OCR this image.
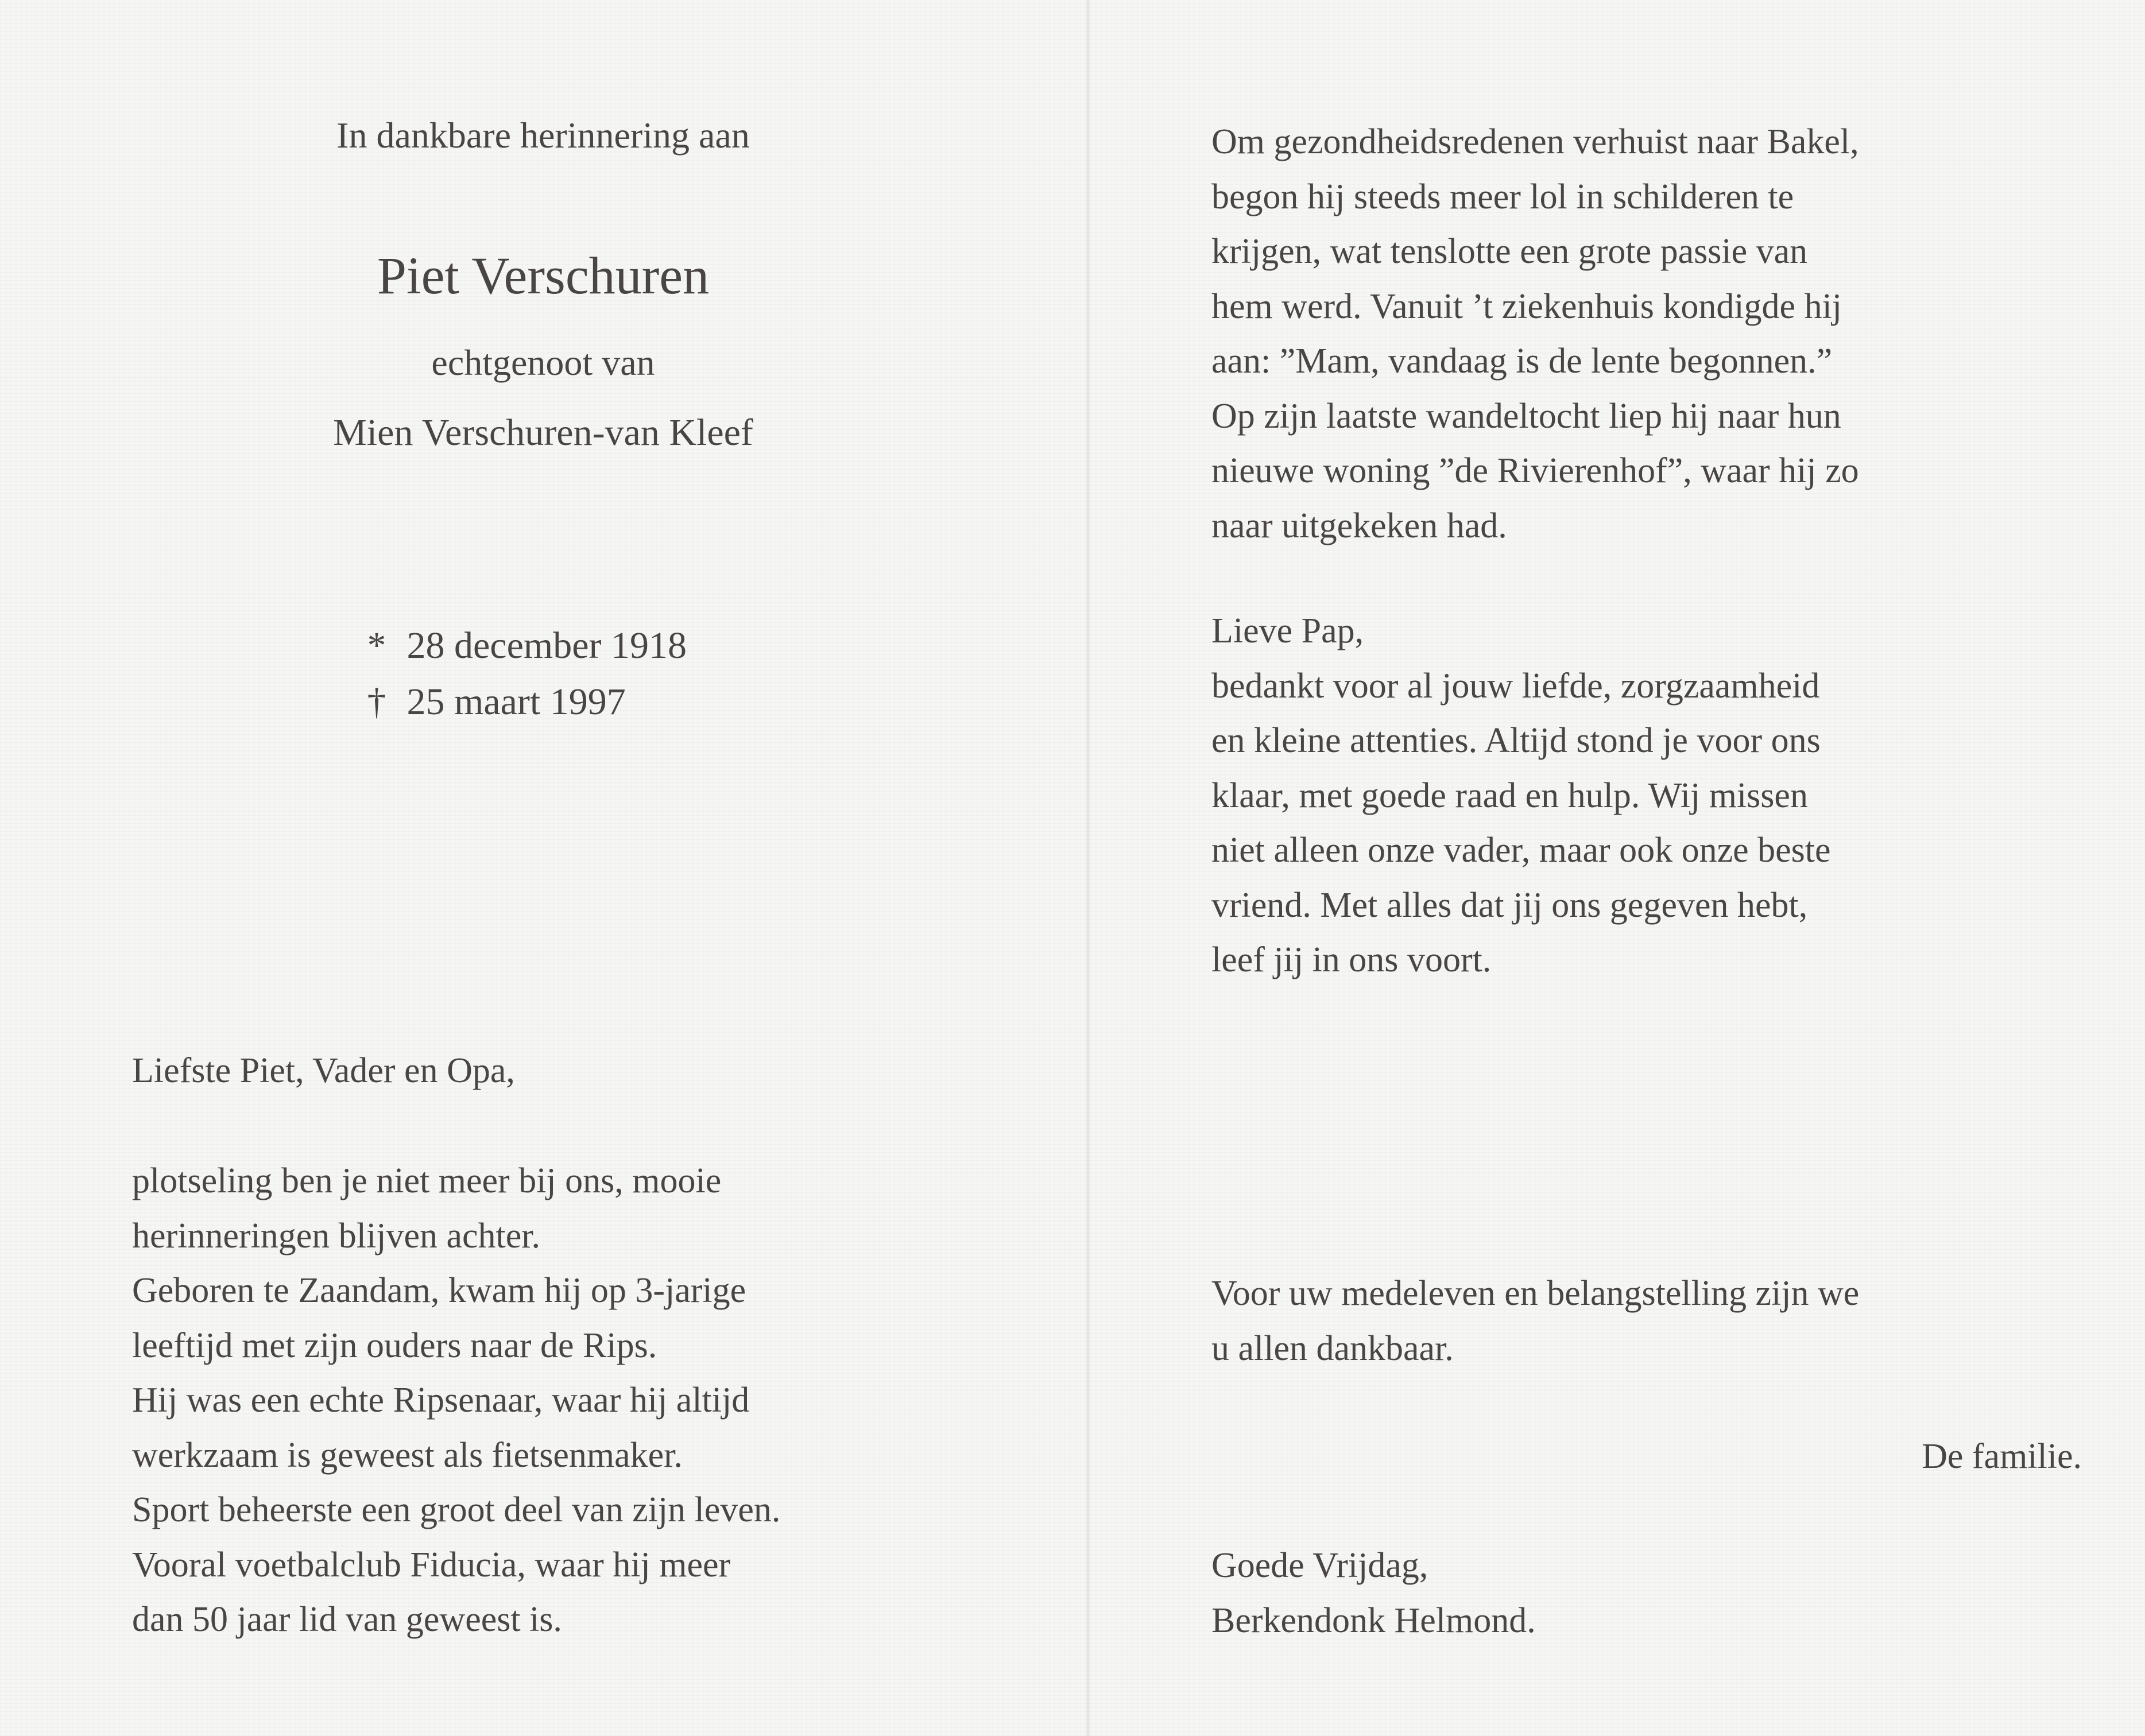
In dankbare herinnering aan
Piet Verschuren
echtgenoot van
Mien Verschuren-van Kleef
* 28 december 1918
† 25 maart 1997
Liefste Piet, Vader en Opa,

plotseling ben je niet meer bij ons, mooie

herinneringen blijven achter.

Geboren te Zaandam, kwam hij op 3-jarige

leeftijd met zijn ouders naar de Rips.

Hij was een echte Ripsenaar, waar hij altijd

werkzaam is geweest als fietsenmaker.

Sport beheerste een groot deel van zijn leven.

Vooral voetbalclub Fiducia, waar hij meer

dan 50 jaar lid van geweest is.

Om gezondheidsredenen verhuist naar Bakel,

begon hij steeds meer lol in schilderen te

krijgen, wat tenslotte een grote passie van

hem werd. Vanuit ’t ziekenhuis kondigde hij

aan: ”Mam, vandaag is de lente begonnen.”

Op zijn laatste wandeltocht liep hij naar hun

nieuwe woning ”de Rivierenhof”, waar hij zo

naar uitgekeken had.

Lieve Pap,

bedankt voor al jouw liefde, zorgzaamheid

en kleine attenties. Altijd stond je voor ons

klaar, met goede raad en hulp. Wij missen

niet alleen onze vader, maar ook onze beste

vriend. Met alles dat jij ons gegeven hebt,

leef jij in ons voort.

Voor uw medeleven en belangstelling zijn we

u allen dankbaar.

De familie.

Goede Vrijdag,

Berkendonk Helmond.
